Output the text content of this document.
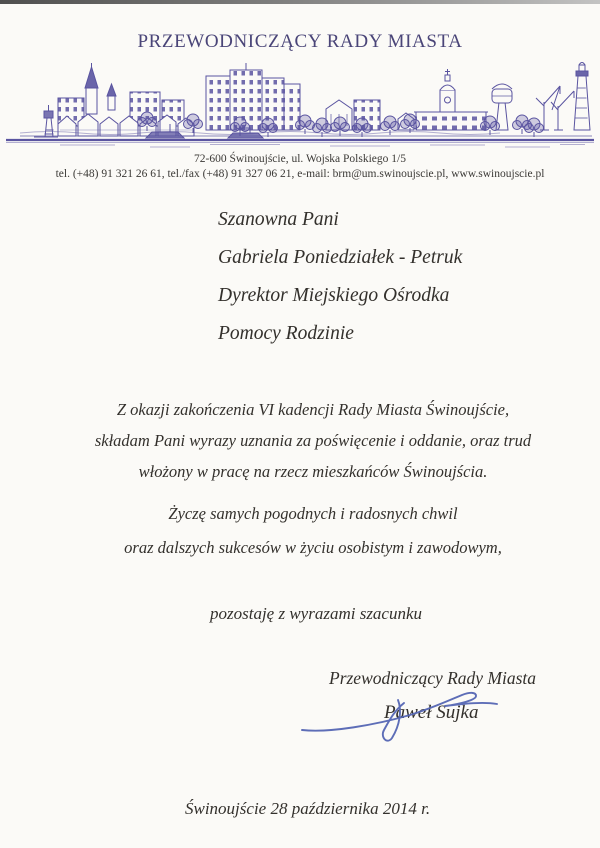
PRZEWODNICZĄCY RADY MIASTA
72-600 Świnoujście, ul. Wojska Polskiego 1/5
tel. (+48) 91 321 26 61, tel./fax (+48) 91 327 06 21, e-mail: brm@um.swinoujscie.pl, www.swinoujscie.pl
Szanowna Pani
Gabriela Poniedziałek - Petruk
Dyrektor Miejskiego Ośrodka
Pomocy Rodzinie
Z okazji zakończenia VI kadencji Rady Miasta Świnoujście,
składam Pani wyrazy uznania za poświęcenie i oddanie, oraz trud
włożony w pracę na rzecz mieszkańców Świnoujścia.
Życzę samych pogodnych i radosnych chwil
oraz dalszych sukcesów w życiu osobistym i zawodowym,
pozostaję z wyrazami szacunku
Przewodniczący Rady Miasta
Paweł Sujka
Świnoujście 28 października 2014 r.
